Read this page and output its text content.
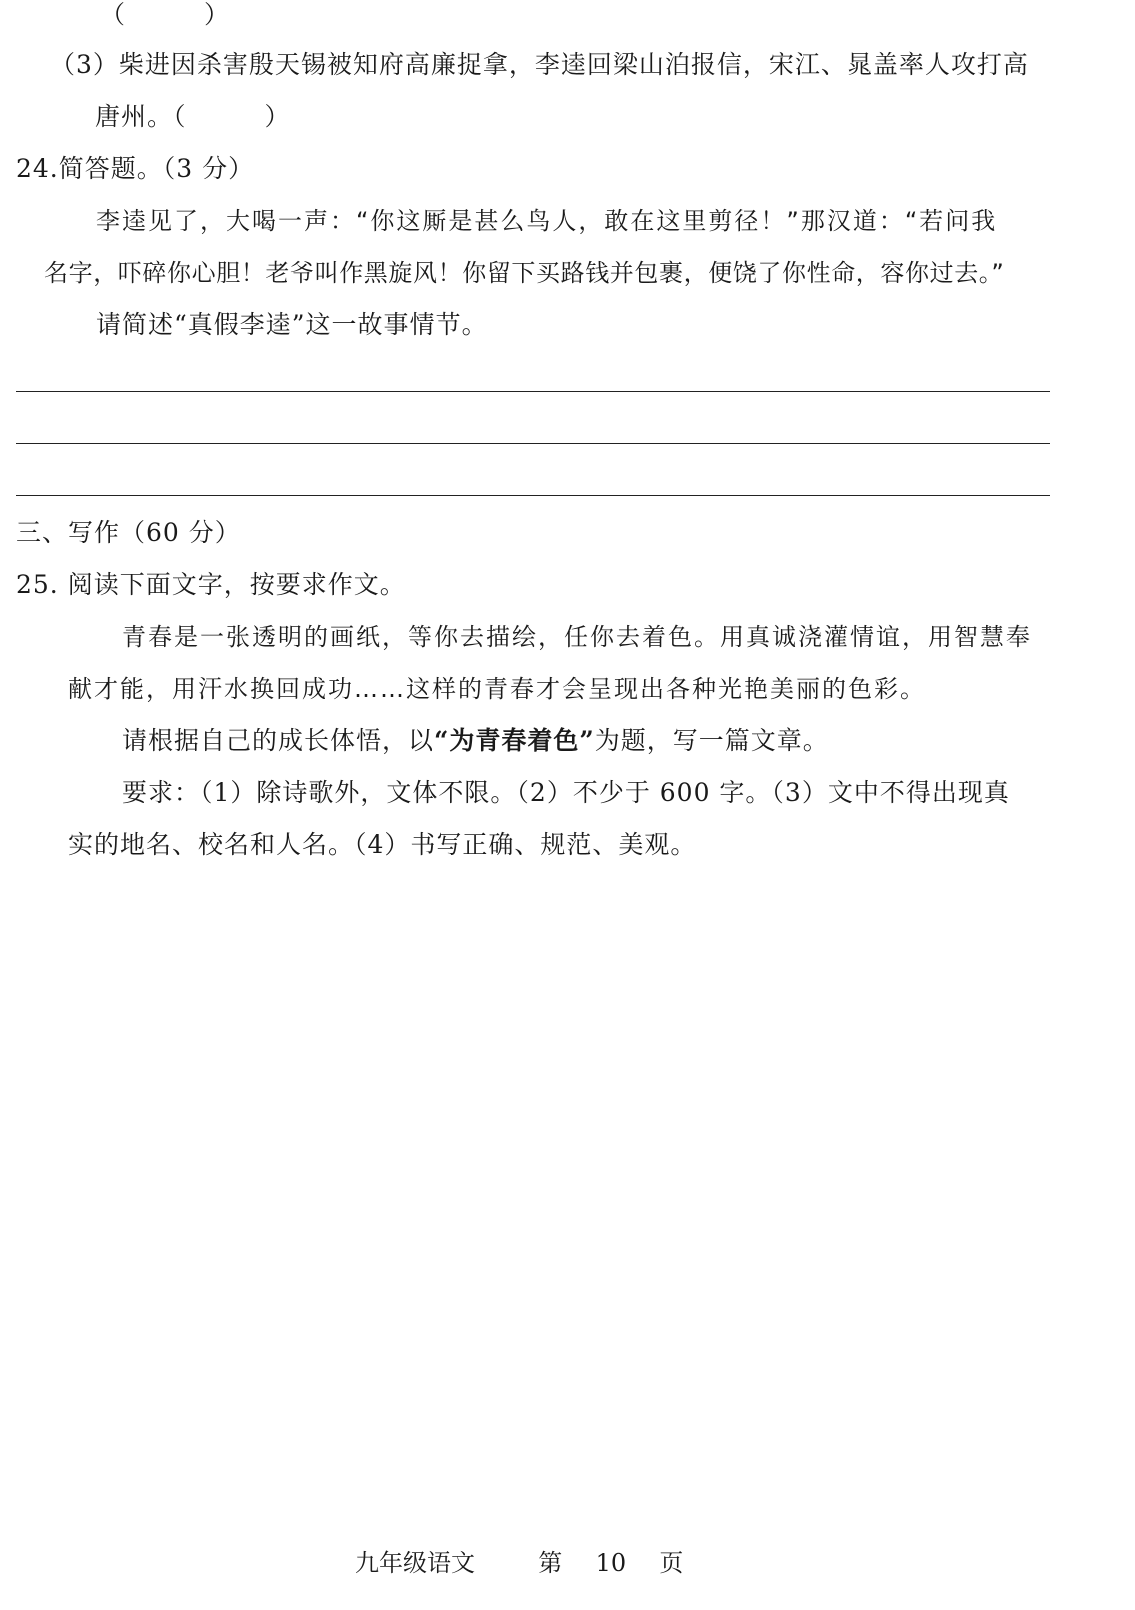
（　　　）
（3）柴进因杀害殷天锡被知府高廉捉拿，李逵回梁山泊报信，宋江、晁盖率人攻打高
唐州。（　　　）
24.简答题。（3 分）
李逵见了，大喝一声：“你这厮是甚么鸟人，敢在这里剪径！”那汉道：“若问我
名字，吓碎你心胆！老爷叫作黑旋风！你留下买路钱并包裹，便饶了你性命，容你过去。”
请简述“真假李逵”这一故事情节。
三、写作（60 分）
25. 阅读下面文字，按要求作文。
青春是一张透明的画纸，等你去描绘，任你去着色。用真诚浇灌情谊，用智慧奉
献才能，用汗水换回成功……这样的青春才会呈现出各种光艳美丽的色彩。
请根据自己的成长体悟，以“为青春着色”为题，写一篇文章。
要求：（1）除诗歌外，文体不限。（2）不少于 600 字。（3）文中不得出现真
实的地名、校名和人名。（4）书写正确、规范、美观。
九年级语文	第 10 页
